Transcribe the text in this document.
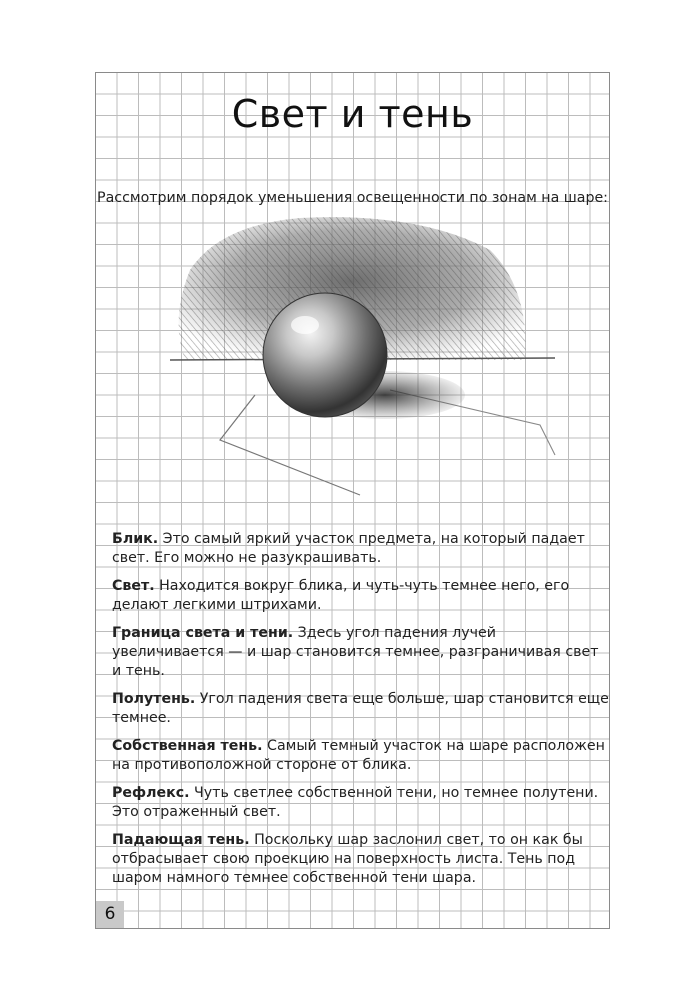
Свет и тень
Рассмотрим порядок уменьшения освещенности по зонам на шаре:
Блик. Это самый яркий участок предмета, на который падает свет. Его можно не разукрашивать.
Свет. Находится вокруг блика, и чуть-чуть темнее него, его делают легкими штрихами.
Граница света и тени. Здесь угол падения лучей увеличивается — и шар становится темнее, разграничивая свет и тень.
Полутень. Угол падения света еще больше, шар становится еще темнее.
Собственная тень. Самый темный участок на шаре расположен на противоположной стороне от блика.
Рефлекс. Чуть светлее собственной тени, но темнее полутени. Это отраженный свет.
Падающая тень. Поскольку шар заслонил свет, то он как бы отбрасывает свою проекцию на поверхность листа. Тень под шаром намного темнее собственной тени шара.
6
